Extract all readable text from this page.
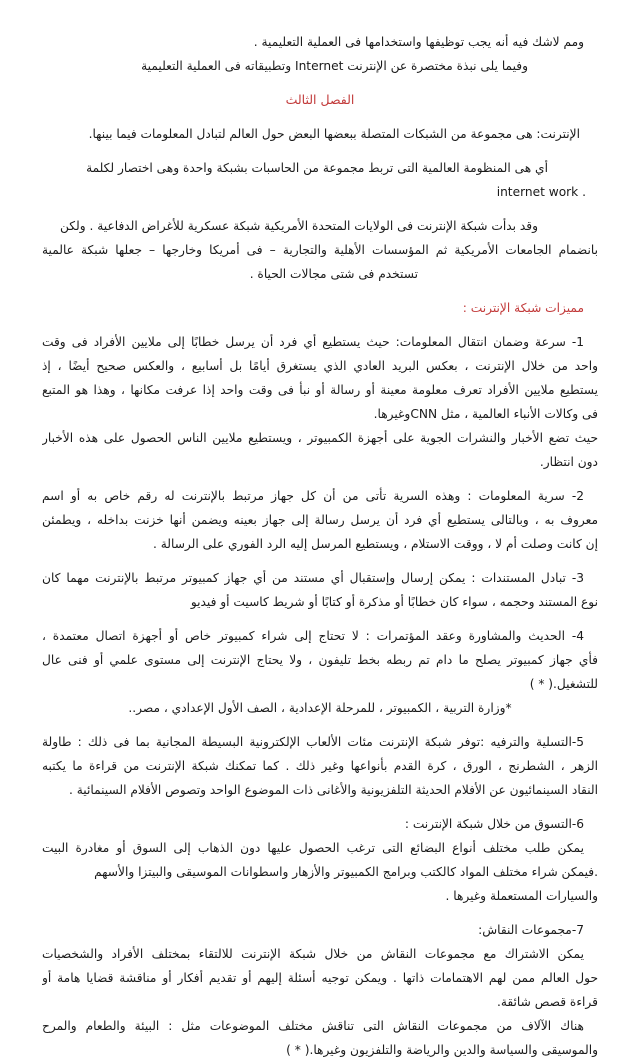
ومم لاشك فيه أنه يجب توظيفها واستخدامها فى العملية التعليمية .
وفيما يلى نبذة مختصرة عن الإنترنت Internet وتطبيقاته فى العملية التعليمية
الفصل الثالث
الإنترنت: هى مجموعة من الشبكات المتصلة ببعضها البعض حول العالم لتبادل المعلومات فيما بينها.
أي هى المنظومة العالمية التى تربط مجموعة من الحاسبات بشبكة واحدة وهى اختصار لكلمة
. internet work
وقد بدأت شبكة الإنترنت فى الولايات المتحدة الأمريكية شبكة عسكرية للأغراض الدفاعية . ولكن
بانضمام الجامعات الأمريكية ثم المؤسسات الأهلية والتجارية – فى أمريكا وخارجها – جعلها شبكة عالمية
تستخدم فى شتى مجالات الحياة .
مميزات شبكة الإنترنت :
1- سرعة وضمان انتقال المعلومات: حيث يستطيع أي فرد أن يرسل خطابًا إلى ملايين الأفراد فى وقت
واحد من خلال الإنترنت ، بعكس البريد العادي الذي يستغرق أيامًا بل أسابيع ، والعكس صحيح أيضًا ، إذ
يستطيع ملايين الأفراد تعرف معلومة معينة أو رسالة أو نبأ فى وقت واحد إذا عرفت مكانها ، وهذا هو المتبع
فى وكالات الأنباء العالمية ، مثل CNNوغيرها.
حيث تضع الأخبار والنشرات الجوية على أجهزة الكمبيوتر ، ويستطيع ملايين الناس الحصول على هذه الأخبار
دون انتظار.
2- سرية المعلومات : وهذه السرية تأتى من أن كل جهاز مرتبط بالإنترنت له رقم خاص به أو اسم
معروف به ، وبالتالى يستطيع أي فرد أن يرسل رسالة إلى جهاز بعينه ويضمن أنها خزنت بداخله ، ويطمئن
إن كانت وصلت أم لا ، ووقت الاستلام ، ويستطيع المرسل إليه الرد الفوري على الرسالة .
3- تبادل المستندات : يمكن إرسال وإستقبال أي مستند من أي جهاز كمبيوتر مرتبط بالإنترنت مهما كان
نوع المستند وحجمه ، سواء كان خطابًا أو مذكرة أو كتابًا أو شريط كاسيت أو فيديو
4- الحديث والمشاورة وعقد المؤتمرات : لا تحتاج إلى شراء كمبيوتر خاص أو أجهزة اتصال معتمدة ،
فأي جهاز كمبيوتر يصلح ما دام تم ربطه بخط تليفون ، ولا يحتاج الإنترنت إلى مستوى علمي أو فنى عال
للتشغيل.( * )
*وزارة التربية ، الكمبيوتر ، للمرحلة الإعدادية ، الصف الأول الإعدادي ، مصر..
5-التسلية والترفيه :توفر شبكة الإنترنت مئات الألعاب الإلكترونية البسيطة المجانية بما فى ذلك : طاولة
الزهر ، الشطرنج ، الورق ، كرة القدم بأنواعها وغير ذلك . كما تمكنك شبكة الإنترنت من قراءة ما يكتبه
النقاد السينمائيون عن الأفلام الحديثة التلفزيونية والأغانى ذات الموضوع الواحد وتصوص الأفلام السينمائية .
6-التسوق من خلال شبكة الإنترنت :
يمكن طلب مختلف أنواع البضائع التى ترغب الحصول عليها دون الذهاب إلى السوق أو مغادرة البيت
.فيمكن شراء مختلف المواد كالكتب وبرامج الكمبيوتر والأزهار واسطوانات الموسيقى والبيتزا والأسهم
والسيارات المستعملة وغيرها .
7-مجموعات النقاش:
يمكن الاشتراك مع مجموعات النقاش من خلال شبكة الإنترنت للالتقاء بمختلف الأفراد والشخصيات
حول العالم ممن لهم الاهتمامات ذاتها . ويمكن توجيه أسئلة إليهم أو تقديم أفكار أو مناقشة قضايا هامة أو
قراءة قصص شائقة.
هناك الآلاف من مجموعات النقاش التى تناقش مختلف الموضوعات مثل : البيئة والطعام والمرح
والموسيقى والسياسة والدين والرياضة والتلفزيون وغيرها.( * )
